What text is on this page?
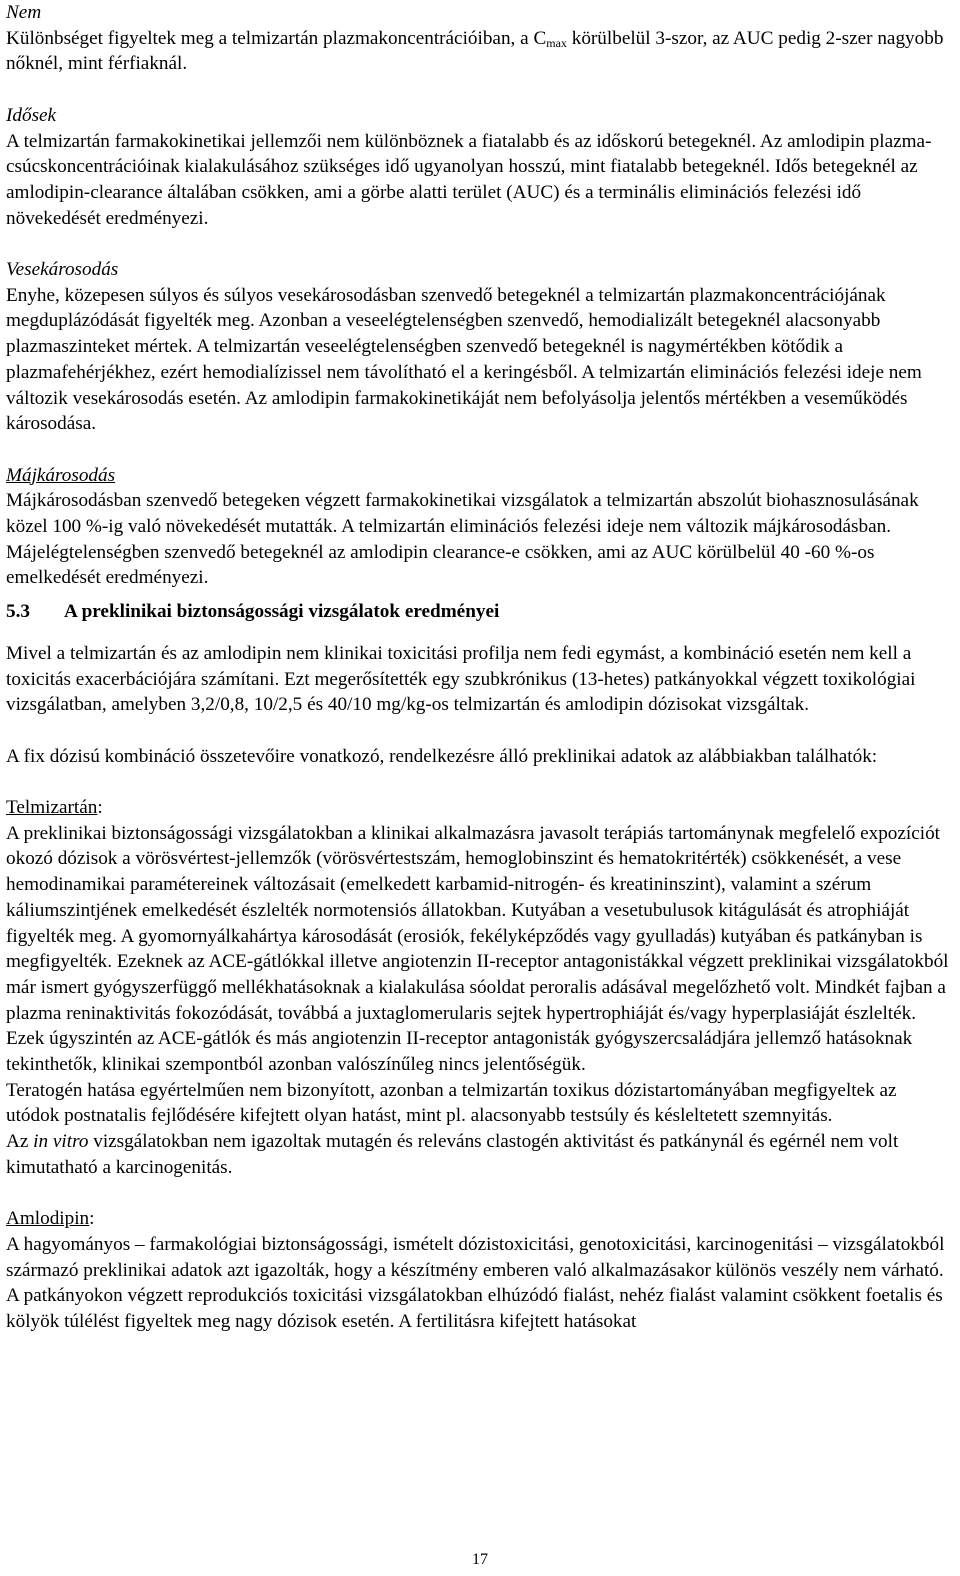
Nem

Különbséget figyeltek meg a telmizartán plazmakoncentrációiban, a $C_{max}$ körülbelül 3-szor, az AUC pedig 2-szer nagyobb nőknél, mint férfiaknál.

Idősek

A telmizartán farmakokinetikai jellemzői nem különböznek a fiatalabb és az időskorú betegeknél. Az amlodipin plazma-csúcskoncentrációinak kialakulásához szükséges idő ugyanolyan hosszú, mint fiatalabb betegeknél. Idős betegeknél az amlodipin-clearance általában csökken, ami a görbe alatti terület (AUC) és a terminális eliminációs felezési idő növekedését eredményezi.

Vesekárosodás

Enyhe, közepesen súlyos és súlyos vesekárosodásban szenvedő betegeknél a telmizartán plazmakoncentrációjának megduplázódását figyelték meg. Azonban a veseelégtelenségben szenvedő, hemodializált betegeknél alacsonyabb plazmaszinteket mértek. A telmizartán veseelégtelenségben szenvedő betegeknél is nagymértékben kötődik a plazmafehérjékhez, ezért hemodialízissel nem távolítható el a keringésből. A telmizartán eliminációs felezési ideje nem változik vesekárosodás esetén. Az amlodipin farmakokinetikáját nem befolyásolja jelentős mértékben a veseműködés károsodása.

Májkárosodás

Májkárosodásban szenvedő betegeken végzett farmakokinetikai vizsgálatok a telmizartán abszolút biohasznosulásának közel 100 %-ig való növekedését mutatták. A telmizartán eliminációs felezési ideje nem változik májkárosodásban. Májelégtelenségben szenvedő betegeknél az amlodipin clearance-e csökken, ami az AUC körülbelül 40 -60 %-os emelkedését eredményezi.

5.3 A preklinikai biztonságossági vizsgálatok eredményei

Mivel a telmizartán és az amlodipin nem klinikai toxicitási profilja nem fedi egymást, a kombináció esetén nem kell a toxicitás exacerbációjára számítani. Ezt megerősítették egy szubkrónikus (13-hetes) patkányokkal végzett toxikológiai vizsgálatban, amelyben 3,2/0,8, 10/2,5 és 40/10 mg/kg-os telmizartán és amlodipin dózisokat vizsgáltak.

A fix dózisú kombináció összetevőire vonatkozó, rendelkezésre álló preklinikai adatok az alábbiakban találhatók:

Telmizartán:

A preklinikai biztonságossági vizsgálatokban a klinikai alkalmazásra javasolt terápiás tartománynak megfelelő expozíciót okozó dózisok a vörösvértest-jellemzők (vörösvértestszám, hemoglobinszint és hematokritérték) csökkenését, a vese hemodinamikai paramétereinek változásait (emelkedett karbamid-nitrogén- és kreatininszint), valamint a szérum káliumszintjének emelkedését észlelték normotensiós állatokban. Kutyában a vesetubulusok kitágulását és atrophiáját figyelték meg. A gyomornyálkahártya károsodását (erosiók, fekélyképződés vagy gyulladás) kutyában és patkányban is megfigyelték. Ezeknek az ACE-gátlókkal illetve angiotenzin II-receptor antagonistákkal végzett preklinikai vizsgálatokból már ismert gyógyszerfüggő mellékhatásoknak a kialakulása sóoldat peroralis adásával megelőzhető volt. Mindkét fajban a plazma reninaktivitás fokozódását, továbbá a juxtaglomerularis sejtek hypertrophiáját és/vagy hyperplasiáját észlelték. Ezek úgyszintén az ACE-gátlók és más angiotenzin II-receptor antagonisták gyógyszercsaládjára jellemző hatásoknak tekinthetők, klinikai szempontból azonban valószínűleg nincs jelentőségük.

Teratogén hatása egyértelműen nem bizonyított, azonban a telmizartán toxikus dózistartományában megfigyeltek az utódok postnatalis fejlődésére kifejtett olyan hatást, mint pl. alacsonyabb testsúly és késleltetett szemnyitás.

Az in vitro vizsgálatokban nem igazoltak mutagén és releváns clastogén aktivitást és patkánynál és egérnél nem volt kimutatható a karcinogenitás.

Amlodipin:

A hagyományos – farmakológiai biztonságossági, ismételt dózistoxicitási, genotoxicitási, karcinogenitási – vizsgálatokból származó preklinikai adatok azt igazolták, hogy a készítmény emberen való alkalmazásakor különös veszély nem várható.

A patkányokon végzett reprodukciós toxicitási vizsgálatokban elhúzódó fialást, nehéz fialást valamint csökkent foetalis és kölyök túlélést figyeltek meg nagy dózisok esetén. A fertilitásra kifejtett hatásokat

17
